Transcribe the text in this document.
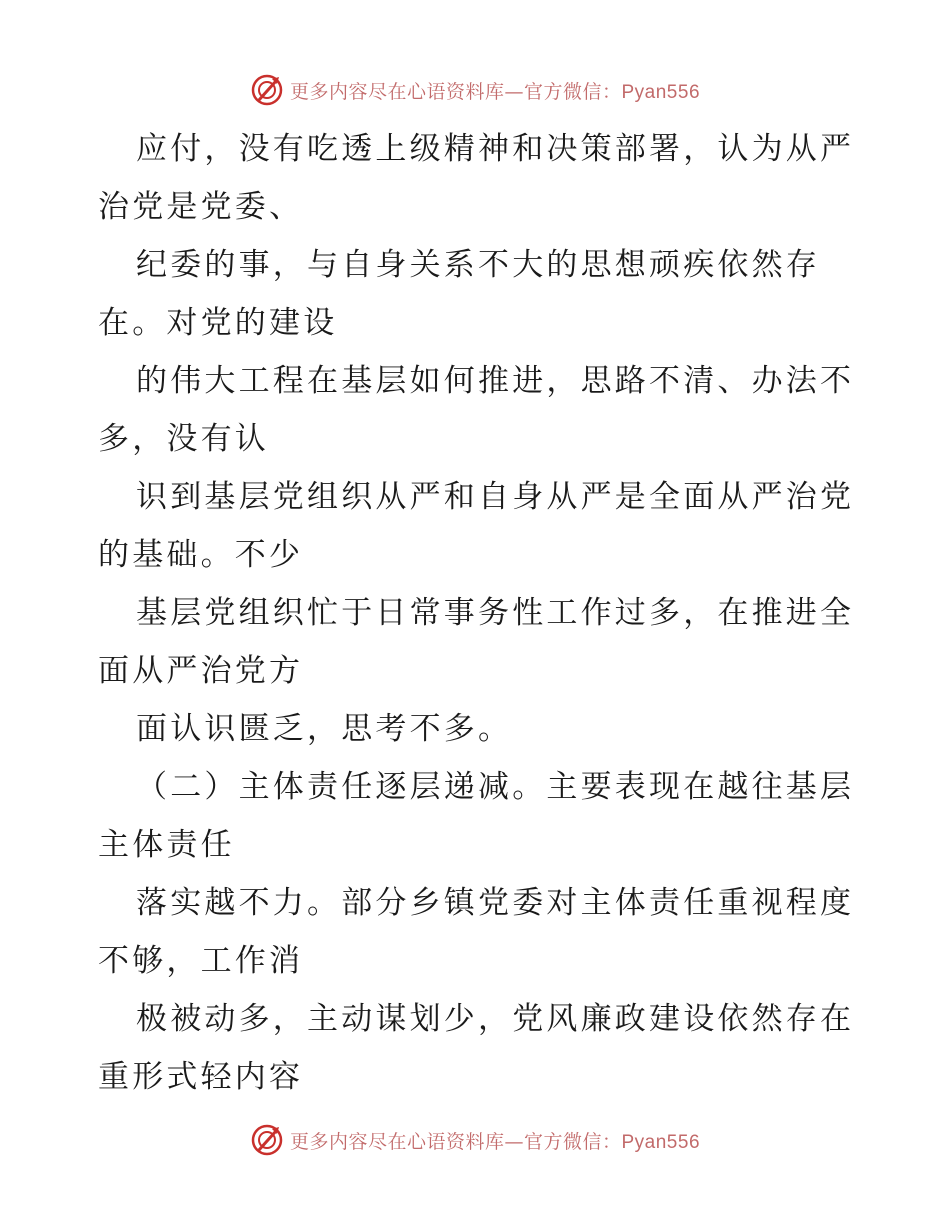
更多内容尽在心语资料库—官方微信：Pyan556
应付，没有吃透上级精神和决策部署，认为从严
治党是党委、
纪委的事，与自身关系不大的思想顽疾依然存
在。对党的建设
的伟大工程在基层如何推进，思路不清、办法不
多，没有认
识到基层党组织从严和自身从严是全面从严治党
的基础。不少
基层党组织忙于日常事务性工作过多，在推进全
面从严治党方
面认识匮乏，思考不多。
（二）主体责任逐层递减。主要表现在越往基层
主体责任
落实越不力。部分乡镇党委对主体责任重视程度
不够，工作消
极被动多，主动谋划少，党风廉政建设依然存在
重形式轻内容
更多内容尽在心语资料库—官方微信：Pyan556
